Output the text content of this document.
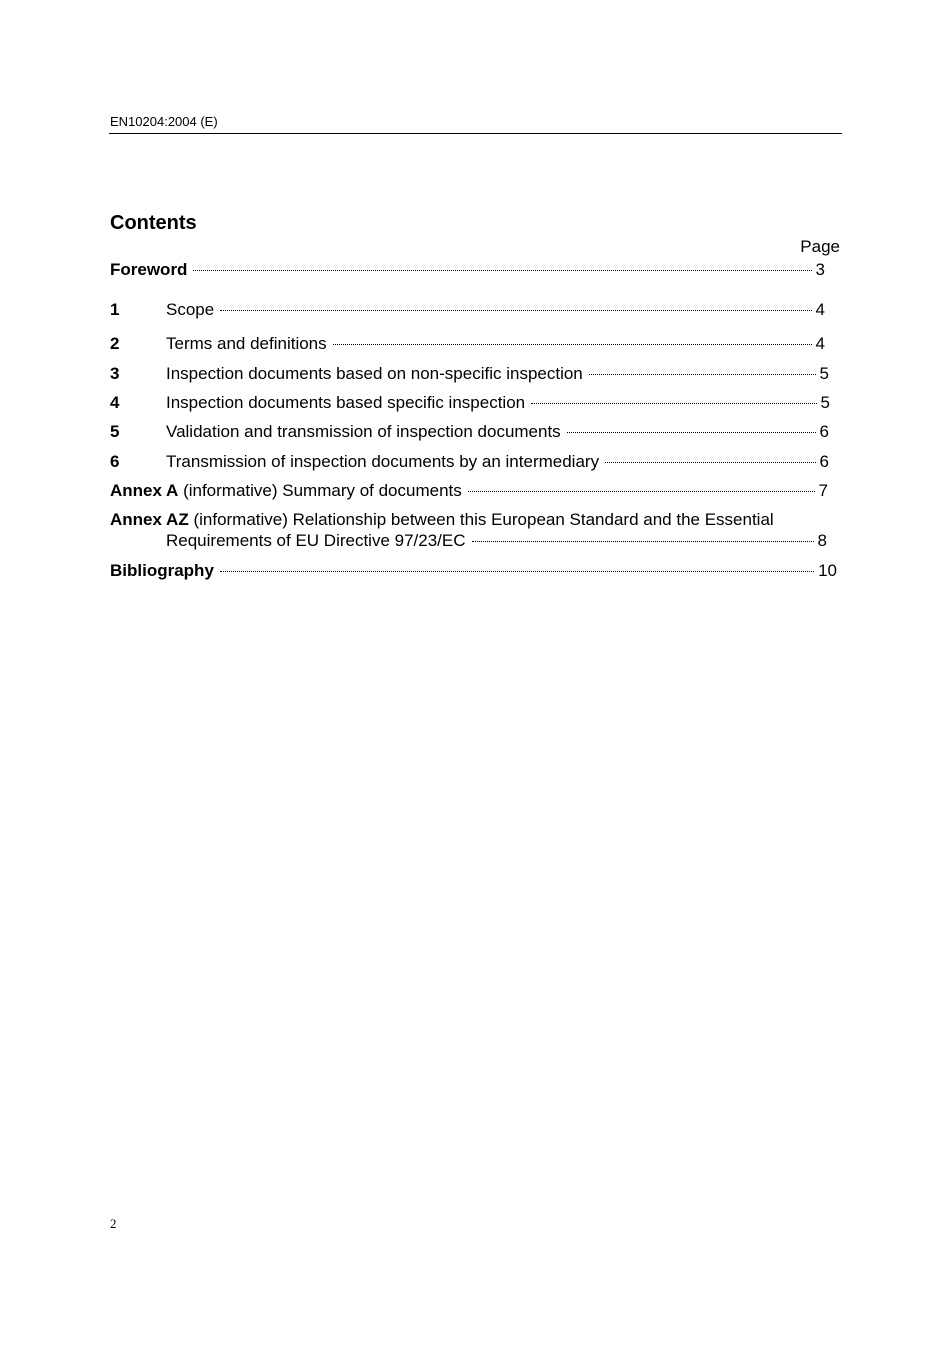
EN10204:2004 (E)
Contents
Page
Foreword	3
1	Scope	4
2	Terms and definitions	4
3	Inspection documents based on non-specific inspection	5
4	Inspection documents based specific inspection	5
5	Validation and transmission of inspection documents	6
6	Transmission of inspection documents by an intermediary	6
Annex A (informative) Summary of documents	7
Annex AZ (informative) Relationship between this European Standard and the Essential
Requirements of EU Directive 97/23/EC	8
Bibliography	10
2
